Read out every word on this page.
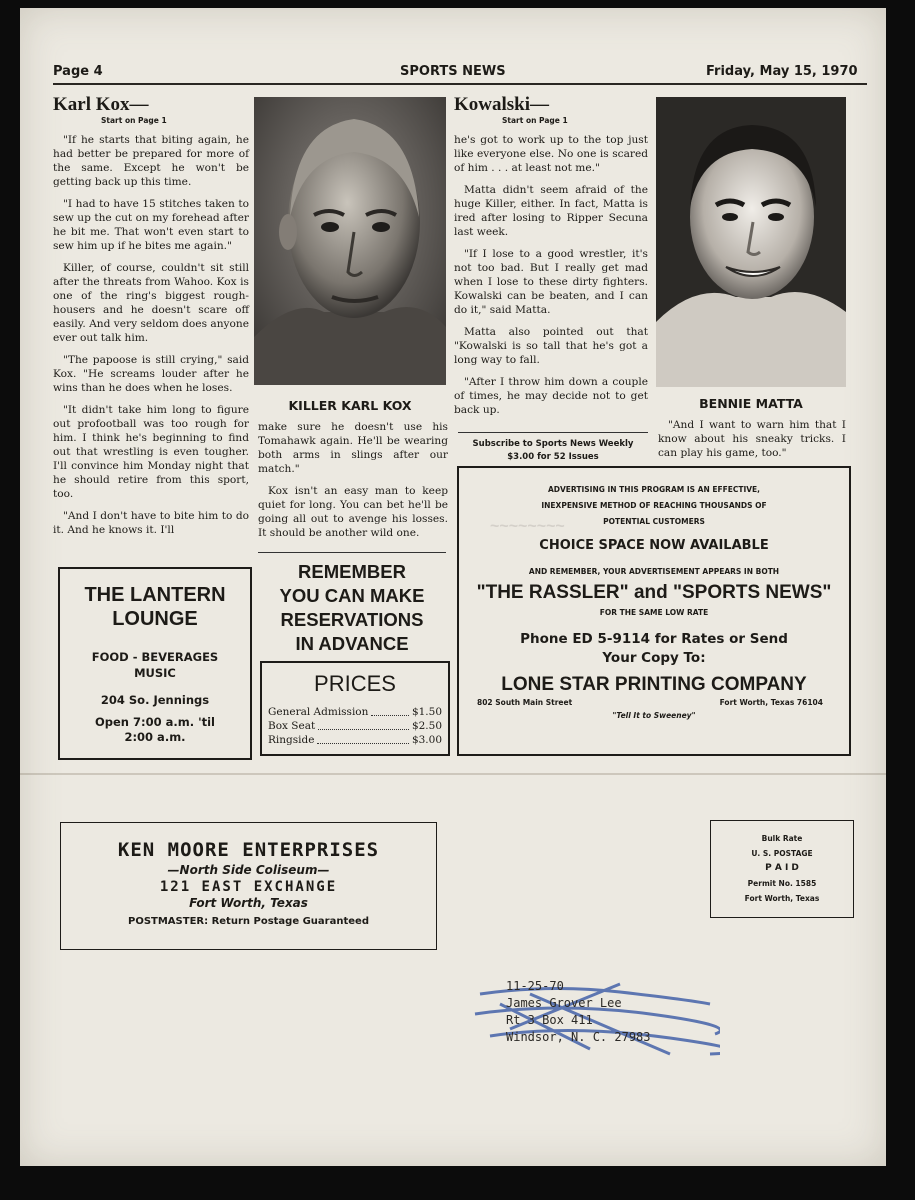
~~~~~~~~
Page 4	SPORTS NEWS	Friday, May 15, 1970

Karl Kox—

Start on Page 1

"If he starts that biting again, he had better be prepared for more of the same. Except he won't be getting back up this time.

"I had to have 15 stitches taken to sew up the cut on my forehead after he bit me. That won't even start to sew him up if he bites me again."

Killer, of course, couldn't sit still after the threats from Wahoo. Kox is one of the ring's biggest rough-housers and he doesn't scare off easily. And very seldom does anyone ever out talk him.

"The papoose is still crying," said Kox. "He screams louder after he wins than he does when he loses.

"It didn't take him long to figure out profootball was too rough for him. I think he's beginning to find out that wrestling is even tougher. I'll convince him Monday night that he should retire from this sport, too.

"And I don't have to bite him to do it. And he knows it. I'll

KILLER KARL KOX

make sure he doesn't use his Tomahawk again. He'll be wearing both arms in slings after our match."

Kox isn't an easy man to keep quiet for long. You can bet he'll be going all out to avenge his losses. It should be another wild one.

Kowalski—

Start on Page 1

he's got to work up to the top just like everyone else. No one is scared of him . . . at least not me."

Matta didn't seem afraid of the huge Killer, either. In fact, Matta is ired after losing to Ripper Secuna last week.

"If I lose to a good wrestler, it's not too bad. But I really get mad when I lose to these dirty fighters. Kowalski can be beaten, and I can do it," said Matta.

Matta also pointed out that "Kowalski is so tall that he's got a long way to fall.

"After I throw him down a couple of times, he may decide not to get back up.

Subscribe to Sports News Weekly
$3.00 for 52 Issues
BENNIE MATTA

"And I want to warn him that I know about his sneaky tricks. I can play his game, too."

ADVERTISING IN THIS PROGRAM IS AN EFFECTIVE,
INEXPENSIVE METHOD OF REACHING THOUSANDS OF
POTENTIAL CUSTOMERS
CHOICE SPACE NOW AVAILABLE
AND REMEMBER, YOUR ADVERTISEMENT APPEARS IN BOTH
"THE RASSLER" and "SPORTS NEWS"
FOR THE SAME LOW RATE
Phone ED 5-9114 for Rates or Send
Your Copy To:
LONE STAR PRINTING COMPANY
802 South Main Street	Fort Worth, Texas 76104
"Tell It to Sweeney"
THE LANTERN
LOUNGE
FOOD - BEVERAGES
MUSIC
204 So. Jennings
Open 7:00 a.m. 'til
2:00 a.m.
REMEMBER
YOU CAN MAKE
RESERVATIONS
IN ADVANCE
PRICES
General Admission	$1.50
Box Seat	$2.50
Ringside	$3.00
KEN MOORE ENTERPRISES
—North Side Coliseum—
121 EAST EXCHANGE
Fort Worth, Texas
POSTMASTER: Return Postage Guaranteed
Bulk Rate
U. S. POSTAGE
P A I D
Permit No. 1585
Fort Worth, Texas
11-25-70
James Grover Lee
Rt 3 Box 411
Windsor, N. C. 27983
